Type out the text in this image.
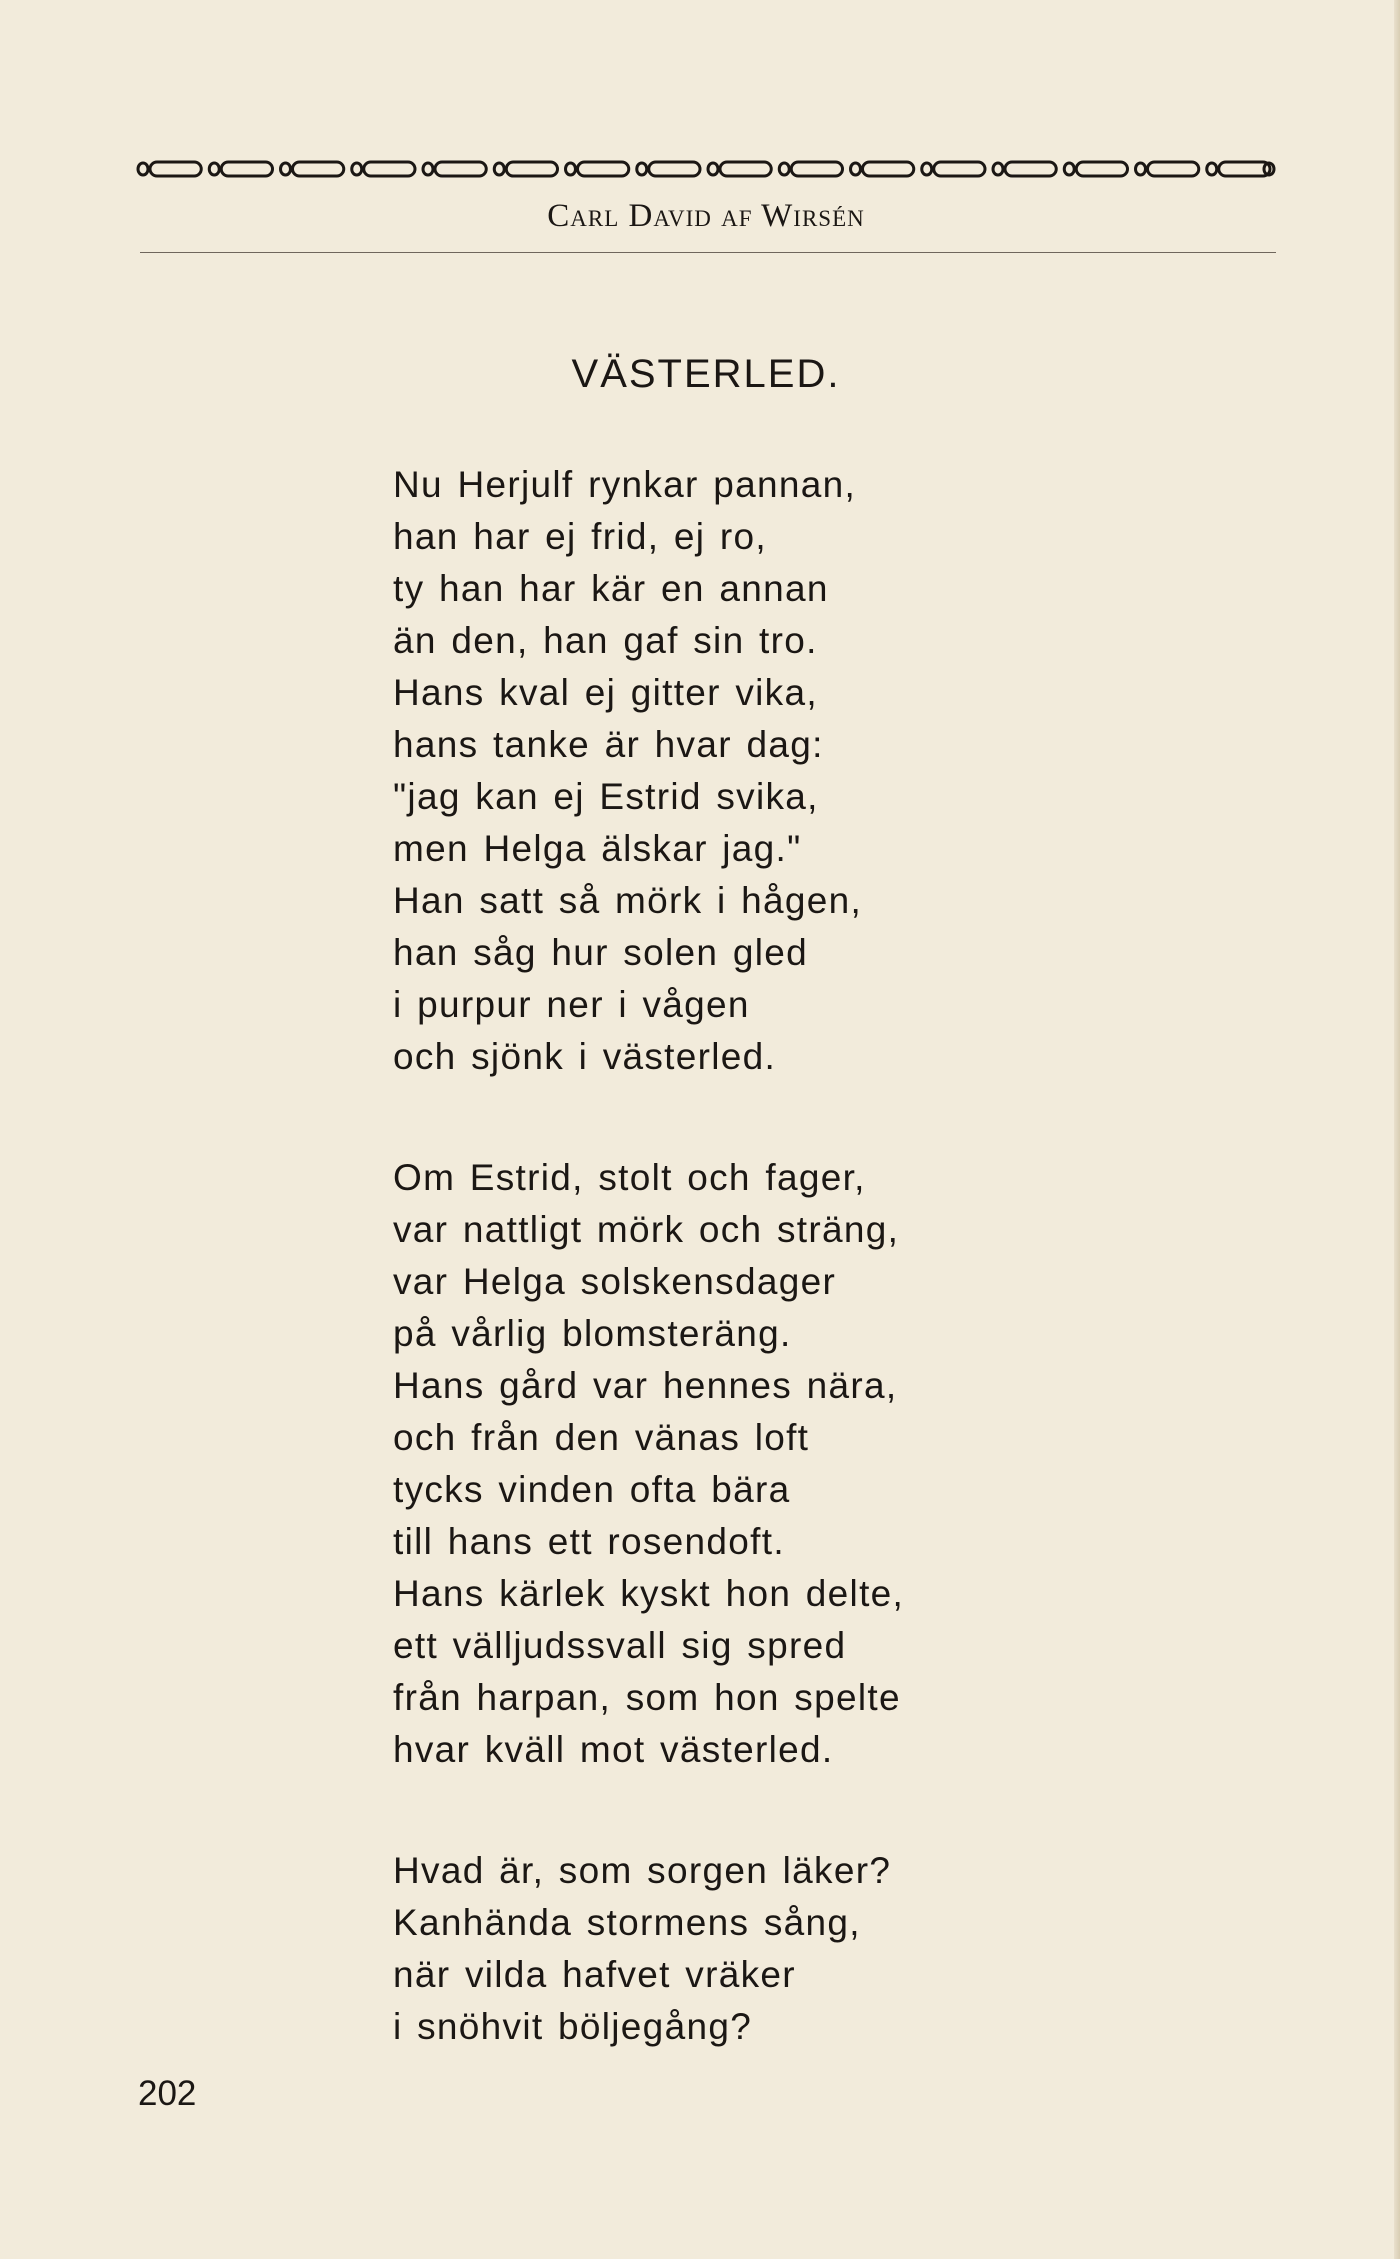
Carl David af Wirsén
VÄSTERLED.
Nu Herjulf rynkar pannan,
han har ej frid, ej ro,
ty han har kär en annan
än den, han gaf sin tro.
Hans kval ej gitter vika,
hans tanke är hvar dag:
"jag kan ej Estrid svika,
men Helga älskar jag."
Han satt så mörk i hågen,
han såg hur solen gled
i purpur ner i vågen
och sjönk i västerled.
Om Estrid, stolt och fager,
var nattligt mörk och sträng,
var Helga solskensdager
på vårlig blomsteräng.
Hans gård var hennes nära,
och från den vänas loft
tycks vinden ofta bära
till hans ett rosendoft.
Hans kärlek kyskt hon delte,
ett välljudssvall sig spred
från harpan, som hon spelte
hvar kväll mot västerled.
Hvad är, som sorgen läker?
Kanhända stormens sång,
när vilda hafvet vräker
i snöhvit böljegång?
202
